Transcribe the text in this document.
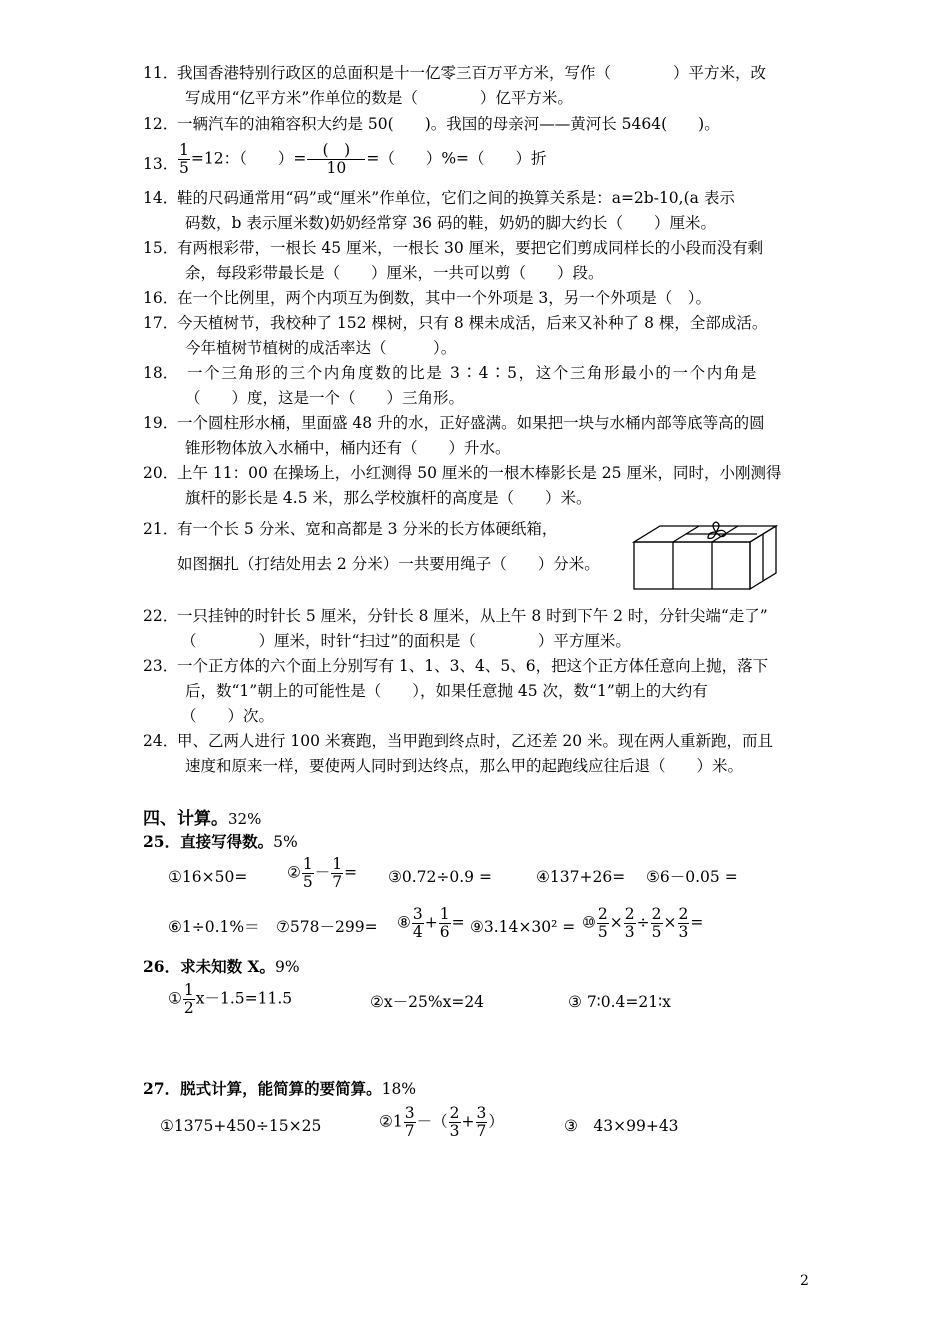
11．
我国香港特别行政区的总面积是十一亿零三百万平方米，写作（　　　　）平方米，改
写成用“亿平方米”作单位的数是（　　　　）亿平方米。
12．
一辆汽车的油箱容积大约是 50(　　)。我国的母亲河——黄河长 5464(　　)。
13． $\frac{1}{5} =12$：（　　）= $\frac{( )}{10}$ =（　　）%=（　　）折
14．
鞋的尺码通常用“码”或“厘米”作单位，它们之间的换算关系是：a=2b-10,(a 表示
码数，b 表示厘米数)奶奶经常穿 36 码的鞋，奶奶的脚大约长（　　）厘米。
15．
有两根彩带，一根长 45 厘米，一根长 30 厘米，要把它们剪成同样长的小段而没有剩
余，每段彩带最长是（　　）厘米，一共可以剪（　　）段。
16．
在一个比例里，两个内项互为倒数，其中一个外项是 3，另一个外项是（　）。
17．
今天植树节，我校种了 152 棵树，只有 8 棵未成活，后来又补种了 8 棵，全部成活。
今年植树节植树的成活率达（　　　）。
18． 一个三角形的三个内角度数的比是 3∶4∶5，这个三角形最小的一个内角是
（　　）度，这是一个（　　）三角形。
19．
一个圆柱形水桶，里面盛 48 升的水，正好盛满。如果把一块与水桶内部等底等高的圆
锥形物体放入水桶中，桶内还有（　　）升水。
20．
上午 11：00 在操场上，小红测得 50 厘米的一根木棒影长是 25 厘米，同时，小刚测得
旗杆的影长是 4.5 米，那么学校旗杆的高度是（　　）米。
21．
有一个长 5 分米、宽和高都是 3 分米的长方体硬纸箱，
如图捆扎（打结处用去 2 分米）一共要用绳子（　　）分米。
22．
一只挂钟的时针长 5 厘米，分针长 8 厘米，从上午 8 时到下午 2 时，分针尖端“走了”
（　　　　）厘米，时针“扫过”的面积是（　　　　）平方厘米。
23．
一个正方体的六个面上分别写有 1、1、3、4、5、6，把这个正方体任意向上抛，落下
后，数“1”朝上的可能性是（　　），如果任意抛 45 次，数“1”朝上的大约有
（　　）次。
24．
甲、乙两人进行 100 米赛跑，当甲跑到终点时，乙还差 20 米。现在两人重新跑，而且
速度和原来一样，要使两人同时到达终点，那么甲的起跑线应往后退（　　）米。
四、计算。32%
25．直接写得数。5%
①16×50=	② $\frac{1}{5} - \frac{1}{7}$ = ③0.72÷0.9 =	④137+26= ⑤6－0.05 =
⑥1÷0.1%＝ ⑦578－299= ⑧ $\frac{3}{4} + \frac{1}{6}$ = ⑨3.14×30² = ⑩ $\frac{2}{5} \times \frac{2}{3} \div \frac{2}{5} \times \frac{2}{3}$ =
26．求未知数 X。9%
① $\frac{1}{2} x-1.5=11.5$	②x－25%x=24	③ 7∶0.4=21∶x
27．脱式计算，能简算的要简算。18%
①1375+450÷15×25	②1 $\frac{3}{7}$ －（ $\frac{2}{3} + \frac{3}{7}$ ）	③　43×99+43
2
